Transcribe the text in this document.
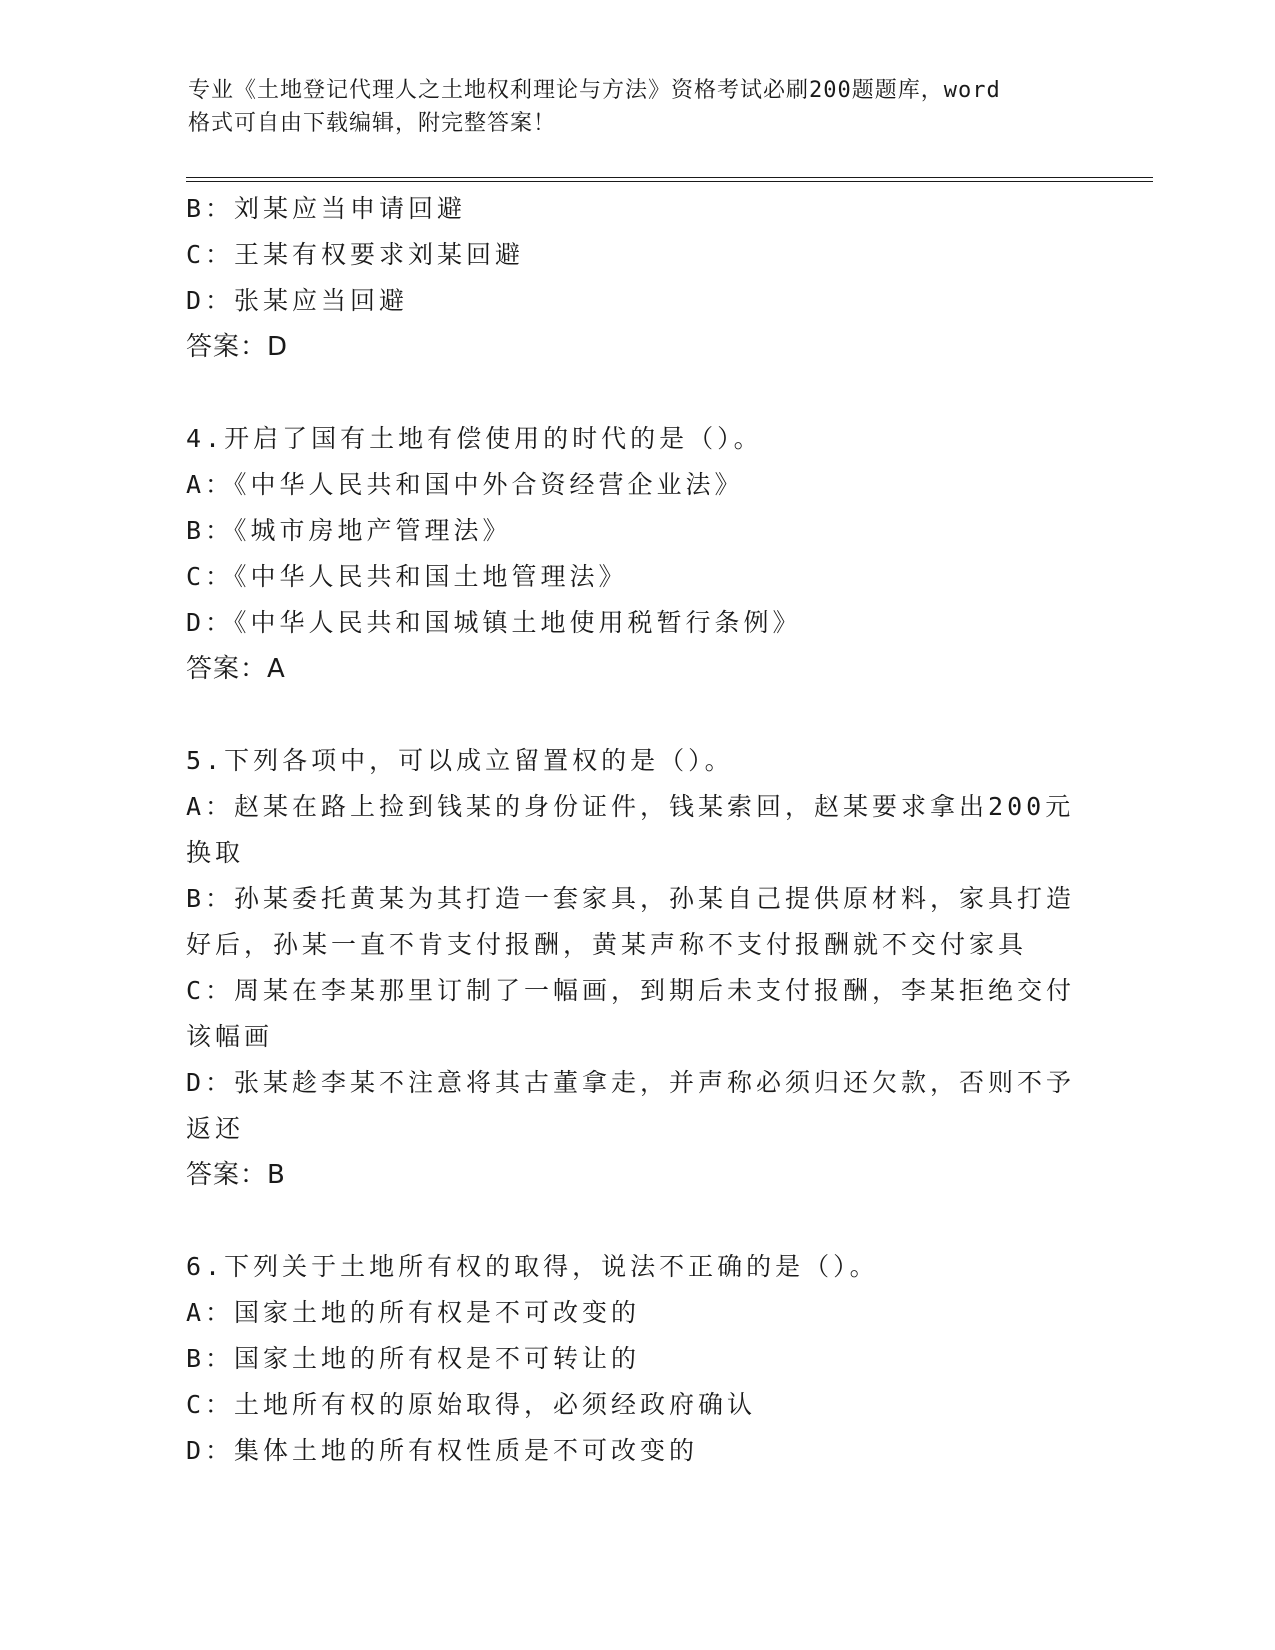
专业《土地登记代理人之土地权利理论与方法》资格考试必刷200题题库，word
格式可自由下载编辑，附完整答案！
B：刘某应当申请回避
C：王某有权要求刘某回避
D：张某应当回避
答案：D
4.开启了国有土地有偿使用的时代的是（）。
A：《中华人民共和国中外合资经营企业法》
B：《城市房地产管理法》
C：《中华人民共和国土地管理法》
D：《中华人民共和国城镇土地使用税暂行条例》
答案：A
5.下列各项中，可以成立留置权的是（）。
A：赵某在路上捡到钱某的身份证件，钱某索回，赵某要求拿出200元
换取
B：孙某委托黄某为其打造一套家具，孙某自己提供原材料，家具打造
好后，孙某一直不肯支付报酬，黄某声称不支付报酬就不交付家具
C：周某在李某那里订制了一幅画，到期后未支付报酬，李某拒绝交付
该幅画
D：张某趁李某不注意将其古董拿走，并声称必须归还欠款，否则不予
返还
答案：B
6.下列关于土地所有权的取得，说法不正确的是（）。
A：国家土地的所有权是不可改变的
B：国家土地的所有权是不可转让的
C：土地所有权的原始取得，必须经政府确认
D：集体土地的所有权性质是不可改变的
